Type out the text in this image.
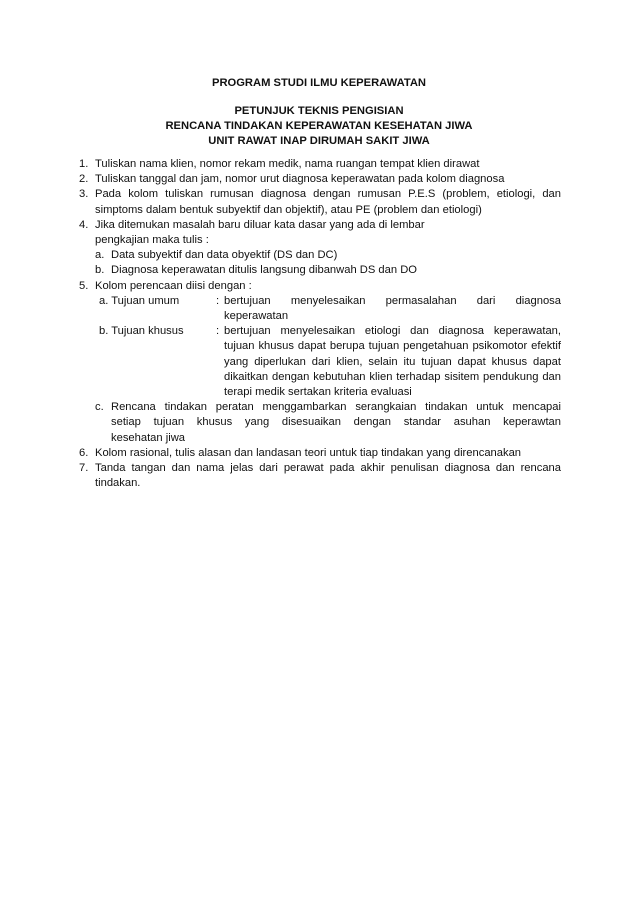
PROGRAM STUDI ILMU KEPERAWATAN

PETUNJUK TEKNIS PENGISIAN

RENCANA TINDAKAN KEPERAWATAN KESEHATAN JIWA

UNIT RAWAT INAP DIRUMAH SAKIT JIWA

1. Tuliskan nama klien, nomor rekam medik, nama ruangan tempat klien dirawat
2. Tuliskan tanggal dan jam, nomor urut diagnosa keperawatan pada kolom diagnosa
3. Pada kolom tuliskan rumusan diagnosa dengan rumusan P.E.S (problem, etiologi, dan
simptoms dalam bentuk subyektif dan objektif), atau PE (problem dan etiologi)
4. Jika ditemukan masalah baru diluar kata dasar yang ada di lembar
pengkajian maka tulis :
a. Data subyektif dan data obyektif (DS dan DC)
b. Diagnosa keperawatan ditulis langsung dibanwah DS dan DO
5. Kolom perencaan diisi dengan :
a. Tujuan umum	: bertujuan menyelesaikan permasalahan dari diagnosa
keperawatan
b. Tujuan khusus	: bertujuan menyelesaikan etiologi dan diagnosa keperawatan,
tujuan khusus dapat berupa tujuan pengetahuan psikomotor efektif
yang diperlukan dari klien, selain itu tujuan dapat khusus dapat
dikaitkan dengan kebutuhan klien terhadap sisitem pendukung dan
terapi medik sertakan kriteria evaluasi
c. Rencana tindakan peratan menggambarkan serangkaian tindakan untuk mencapai
setiap tujuan khusus yang disesuaikan dengan standar asuhan keperawtan
kesehatan jiwa
6. Kolom rasional, tulis alasan dan landasan teori untuk tiap tindakan yang direncanakan
7. Tanda tangan dan nama jelas dari perawat pada akhir penulisan diagnosa dan rencana
tindakan.
